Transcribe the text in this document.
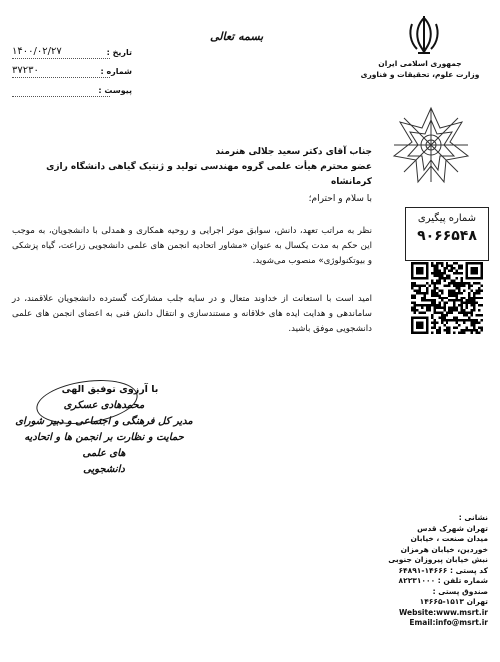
بسمه تعالی
۱۴۰۰/۰۲/۲۷	تاریخ :
۳۷۲۳۰	شماره :
پیوست :
جمهوری اسلامی ایران
وزارت علوم، تحقیقات و فناوری
جناب آقای دکتر سعید جلالی هنرمند
عضو محترم هیأت علمی گروه مهندسی تولید و ژنتیک گیاهی دانشگاه رازی کرمانشاه
با سلام و احترام؛
نظر به مراتب تعهد، دانش، سوابق موثر اجرایی و روحیه همکاری و همدلی با دانشجویان، به موجب این حکم به مدت یکسال به عنوان «مشاور اتحادیه انجمن های علمی دانشجویی زراعت، گیاه پزشکی و بیوتکنولوژی» منصوب می‌شوید.
امید است با استعانت از خداوند متعال و در سایه جلب مشارکت گسترده دانشجویان علاقمند، در ساماندهی و هدایت ایده های خلاقانه و مستندسازی و انتقال دانش فنی به اعضای انجمن های علمی دانشجویی موفق باشید.
شماره پیگیری
۹۰۶۶۵۴۸
با آرزوی توفیق الهی
محمدهادی عسکری
مدیر کل فرهنگی و اجتماعی و دبیر شورای
حمایت و نظارت بر انجمن ها و اتحادیه های علمی
دانشجویی
نشانی :
تهران شهرک قدس
میدان صنعت ، خیابان
خوردین، خیابان هرمزان
نبش خیابان پیروزان جنوبی
کد پستی : ۱۴۶۶۶-۶۴۸۹۱
شماره تلفن : ۸۲۲۳۱۰۰۰
صندوق پستی :
تهران ۱۵۱۳-۱۴۶۶۵
Website:www.msrt.ir
Email:info@msrt.ir
